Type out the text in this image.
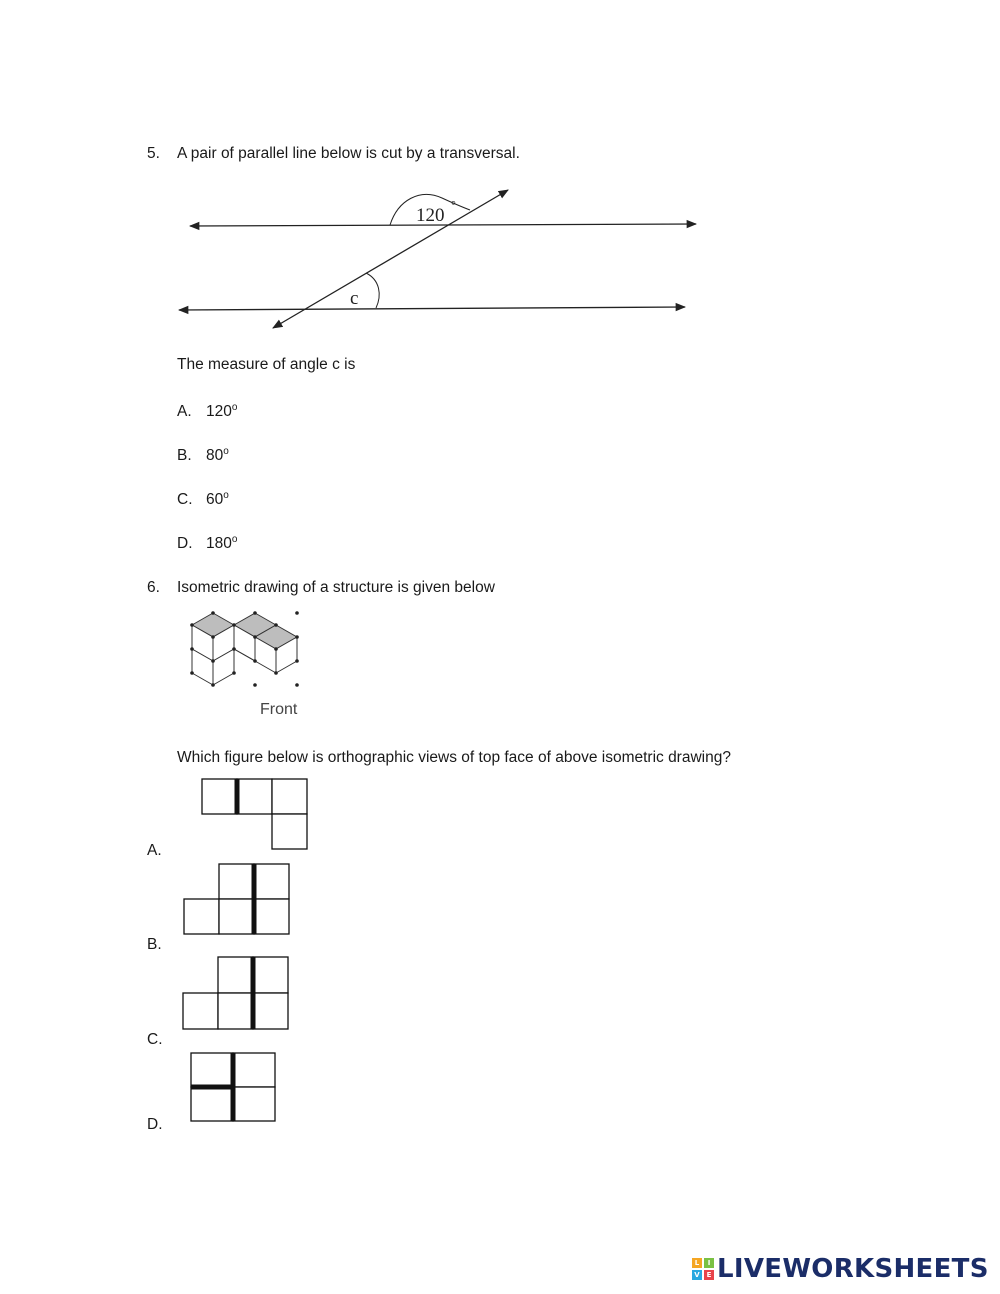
5. A pair of parallel line below is cut by a transversal.
120 °
c
The measure of angle c is
A. 120$^o$
B. 80$^o$
C. 60$^o$
D. 180$^o$
6. Isometric drawing of a structure is given below
Front
Which figure below is orthographic views of top face of above isometric drawing?
A.
B.
C.
D.
L	I
V E LIVEWORKSHEETS
